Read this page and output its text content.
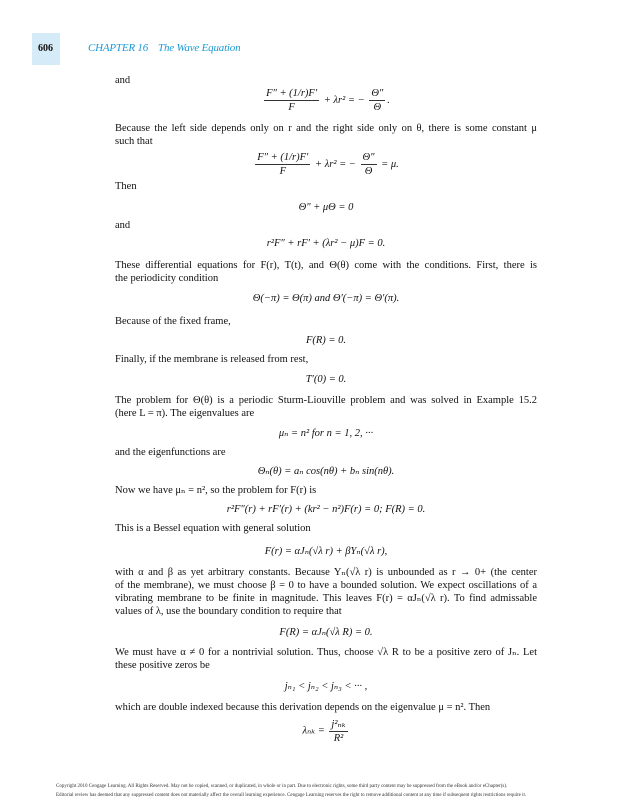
606	CHAPTER 16 The Wave Equation
and
$\frac{F'' + (1/r)F'}{F} + \lambda r^2$ = − $\frac{\Theta''}{\Theta}$ .
Because the left side depends only on r and the right side only on θ, there is some constant μ
such that
$\frac{F'' + (1/r)F'}{F} + \lambda r^2$ = − $\frac{\Theta''}{\Theta} = \mu$.
Then
Θ″ + μΘ = 0
and
r²F″ + rF′ + (λr² − μ)F = 0.
These differential equations for F(r), T(t), and Θ(θ) come with the conditions. First, there is
the periodicity condition
Θ(−π) = Θ(π) and Θ′(−π) = Θ′(π).
Because of the fixed frame,
F(R) = 0.
Finally, if the membrane is released from rest,
T′(0) = 0.
The problem for Θ(θ) is a periodic Sturm-Liouville problem and was solved in Example 15.2
(here L = π). The eigenvalues are
μₙ = n² for n = 1, 2, ···
and the eigenfunctions are
Θₙ(θ) = aₙ cos(nθ) + bₙ sin(nθ).
Now we have μₙ = n², so the problem for F(r) is
r²F″(r) + rF′(r) + (kr² − n²)F(r) = 0; F(R) = 0.
This is a Bessel equation with general solution
F(r) = αJₙ(√λ r) + βYₙ(√λ r),
with α and β as yet arbitrary constants. Because Yₙ(√λ r) is unbounded as r → 0+ (the center
of the membrane), we must choose β = 0 to have a bounded solution. We expect oscillations of a
vibrating membrane to be finite in magnitude. This leaves F(r) = αJₙ(√λ r). To find admissable
values of λ, use the boundary condition to require that
F(R) = αJₙ(√λ R) = 0.
We must have α ≠ 0 for a nontrivial solution. Thus, choose √λ R to be a positive zero of Jₙ. Let
these positive zeros be
jₙ₁ < jₙ₂ < jₙ₃ < ··· ,
which are double indexed because this derivation depends on the eigenvalue μ = n². Then
$\lambda_{nk} = \frac{\text{j²ₙₖ}}{\text{R²}}$
Copyright 2010 Cengage Learning. All Rights Reserved. May not be copied, scanned, or duplicated, in whole or in part. Due to electronic rights, some third party content may be suppressed from the eBook and/or eChapter(s).
Editorial review has deemed that any suppressed content does not materially affect the overall learning experience. Cengage Learning reserves the right to remove additional content at any time if subsequent rights restrictions require it.
